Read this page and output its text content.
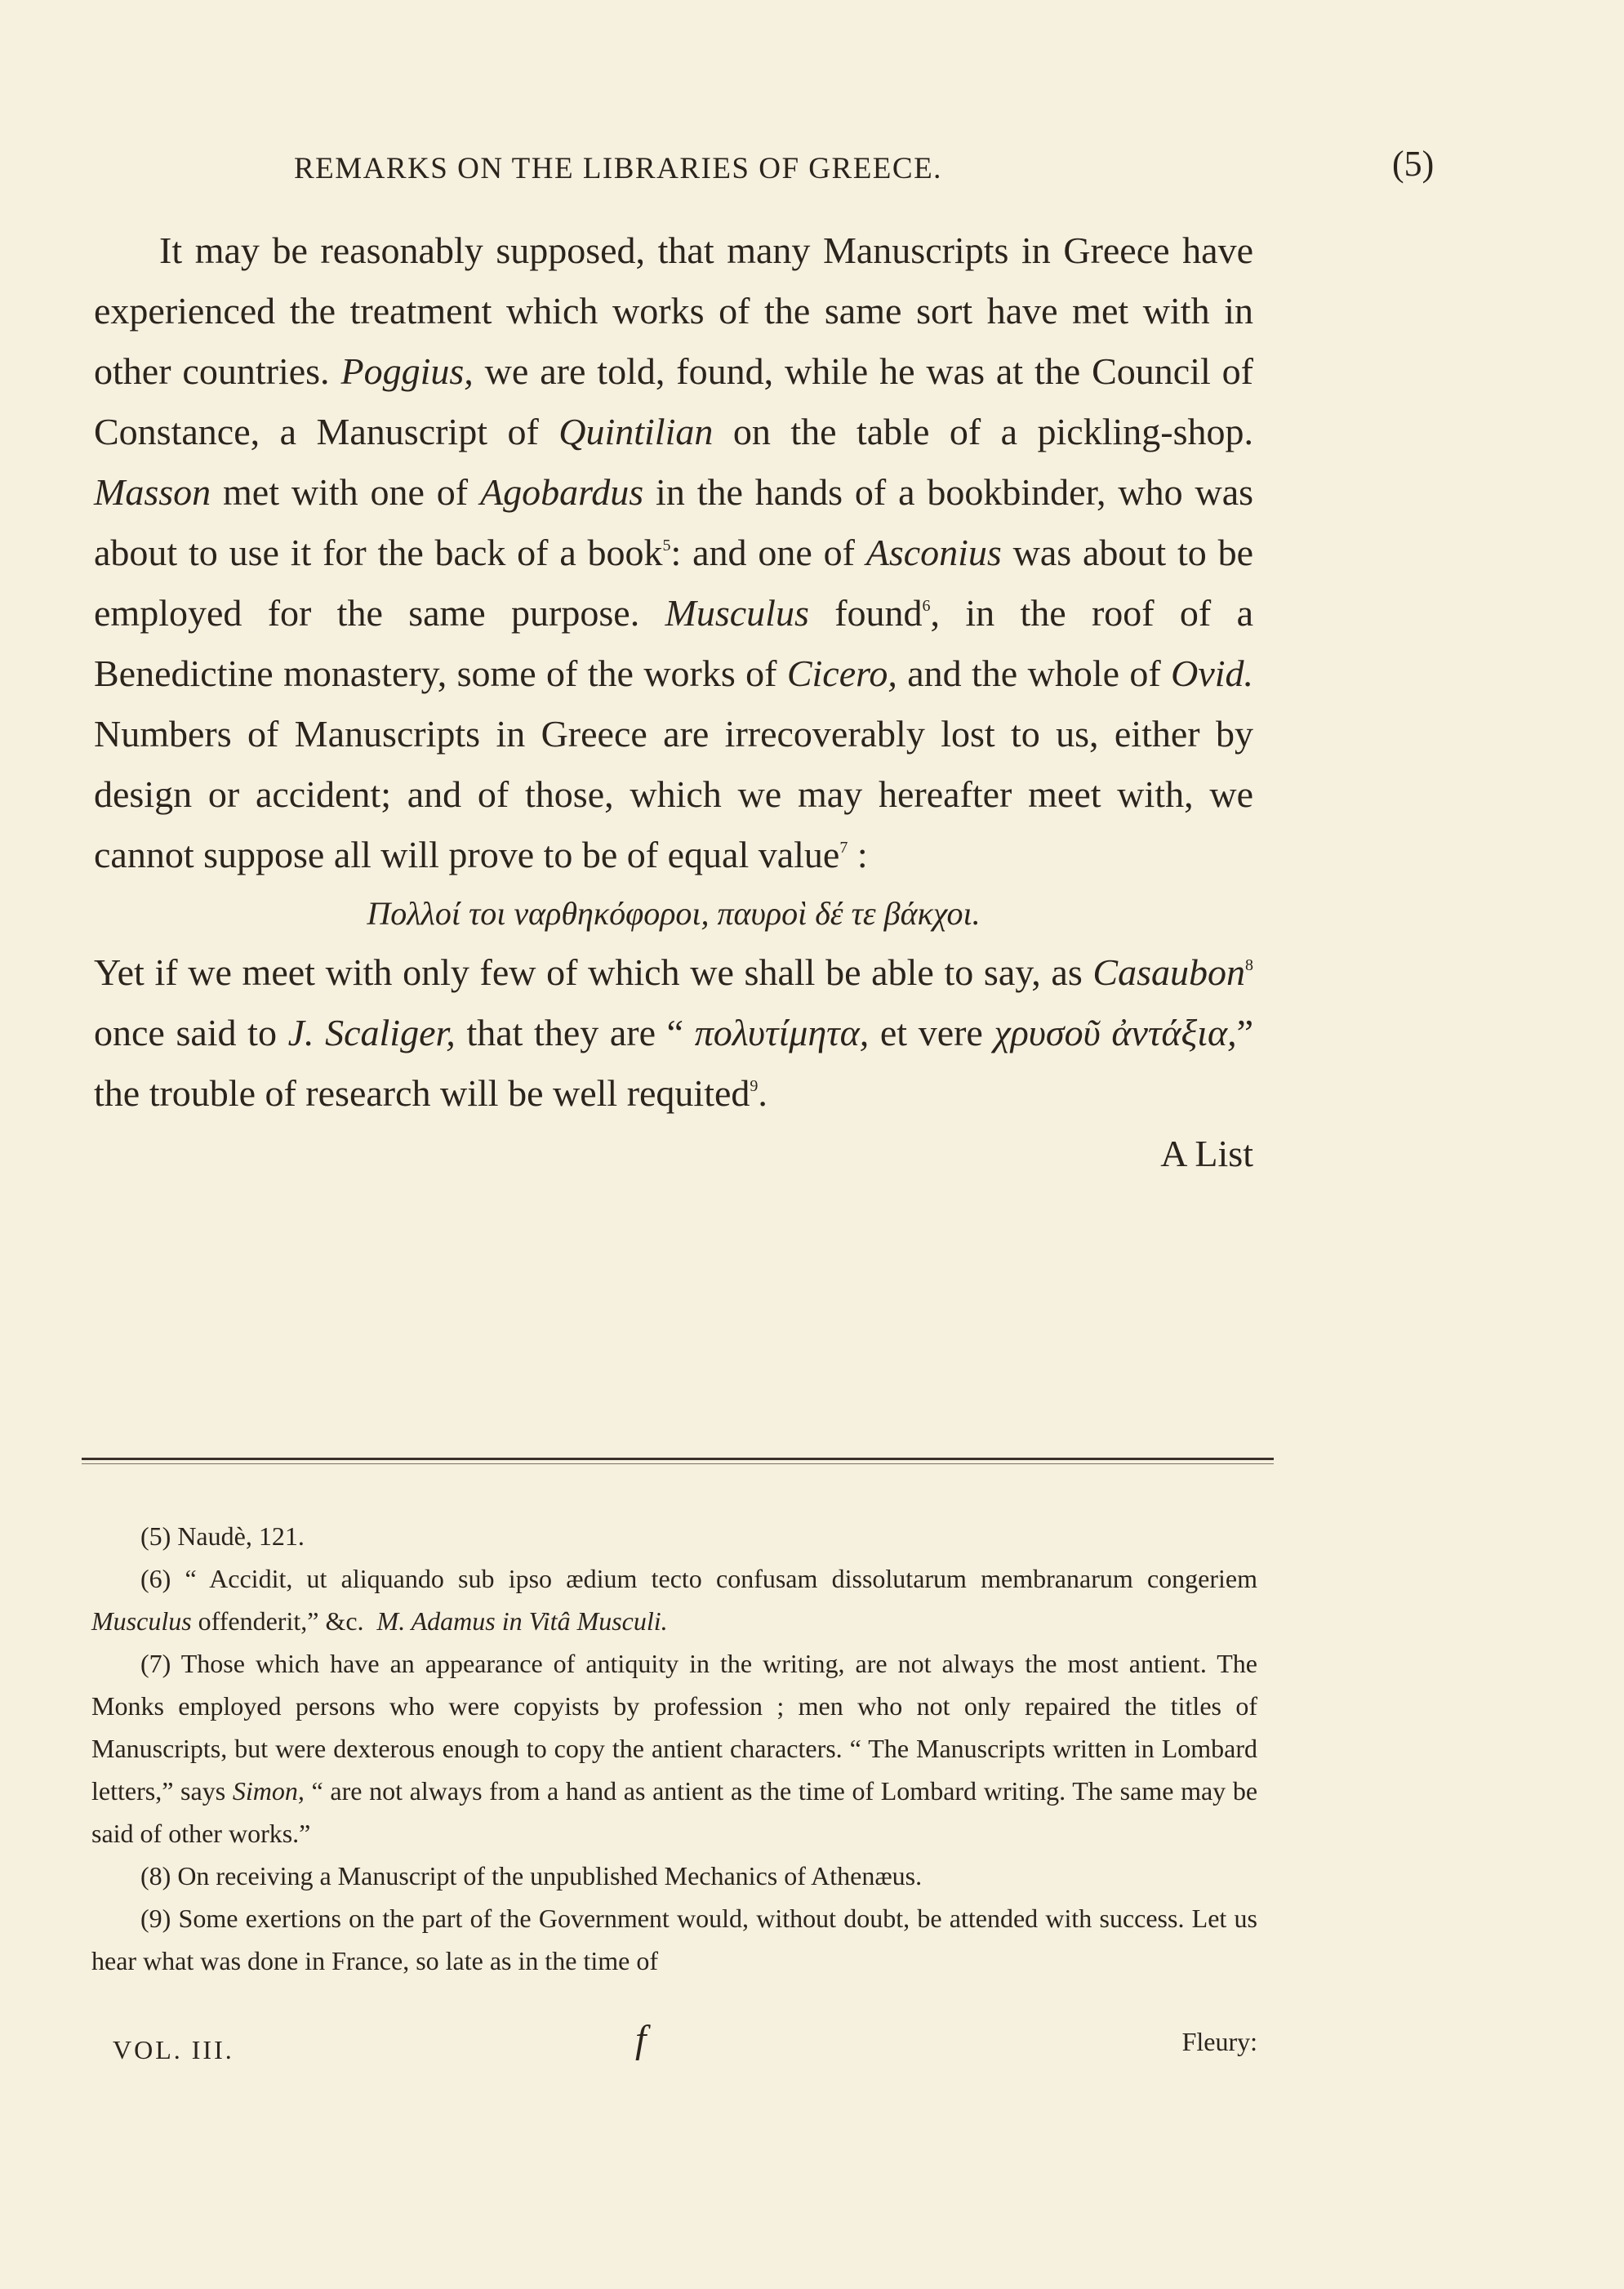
REMARKS ON THE LIBRARIES OF GREECE.	(5)

It may be reasonably supposed, that many Manuscripts in Greece have experienced the treatment which works of the same sort have met with in other countries. Poggius, we are told, found, while he was at the Council of Constance, a Manuscript of Quintilian on the table of a pickling-shop. Masson met with one of Agobardus in the hands of a bookbinder, who was about to use it for the back of a book$^5$: and one of Asconius was about to be employed for the same purpose. Musculus found$^6$, in the roof of a Benedictine monastery, some of the works of Cicero, and the whole of Ovid. Numbers of Manuscripts in Greece are irrecoverably lost to us, either by design or accident; and of those, which we may hereafter meet with, we cannot suppose all will prove to be of equal value$^7$ :

Πολλοί τοι ναρθηκόφοροι, παυροὶ δέ τε βάκχοι.

Yet if we meet with only few of which we shall be able to say, as Casaubon$^8$ once said to J. Scaliger, that they are “ πολυτίμητα, et vere χρυσοῦ ἀντάξια,” the trouble of research will be well requited$^9$.

A List

(5) Naudè, 121.

(6) “ Accidit, ut aliquando sub ipso ædium tecto confusam dissolutarum membranarum congeriem Musculus offenderit,” &c. M. Adamus in Vitâ Musculi.

(7) Those which have an appearance of antiquity in the writing, are not always the most antient. The Monks employed persons who were copyists by profession ; men who not only repaired the titles of Manuscripts, but were dexterous enough to copy the antient characters. “ The Manuscripts written in Lombard letters,” says Simon, “ are not always from a hand as antient as the time of Lombard writing. The same may be said of other works.”

(8) On receiving a Manuscript of the unpublished Mechanics of Athenæus.

(9) Some exertions on the part of the Government would, without doubt, be attended with success. Let us hear what was done in France, so late as in the time of

VOL. III.	f	Fleury:
